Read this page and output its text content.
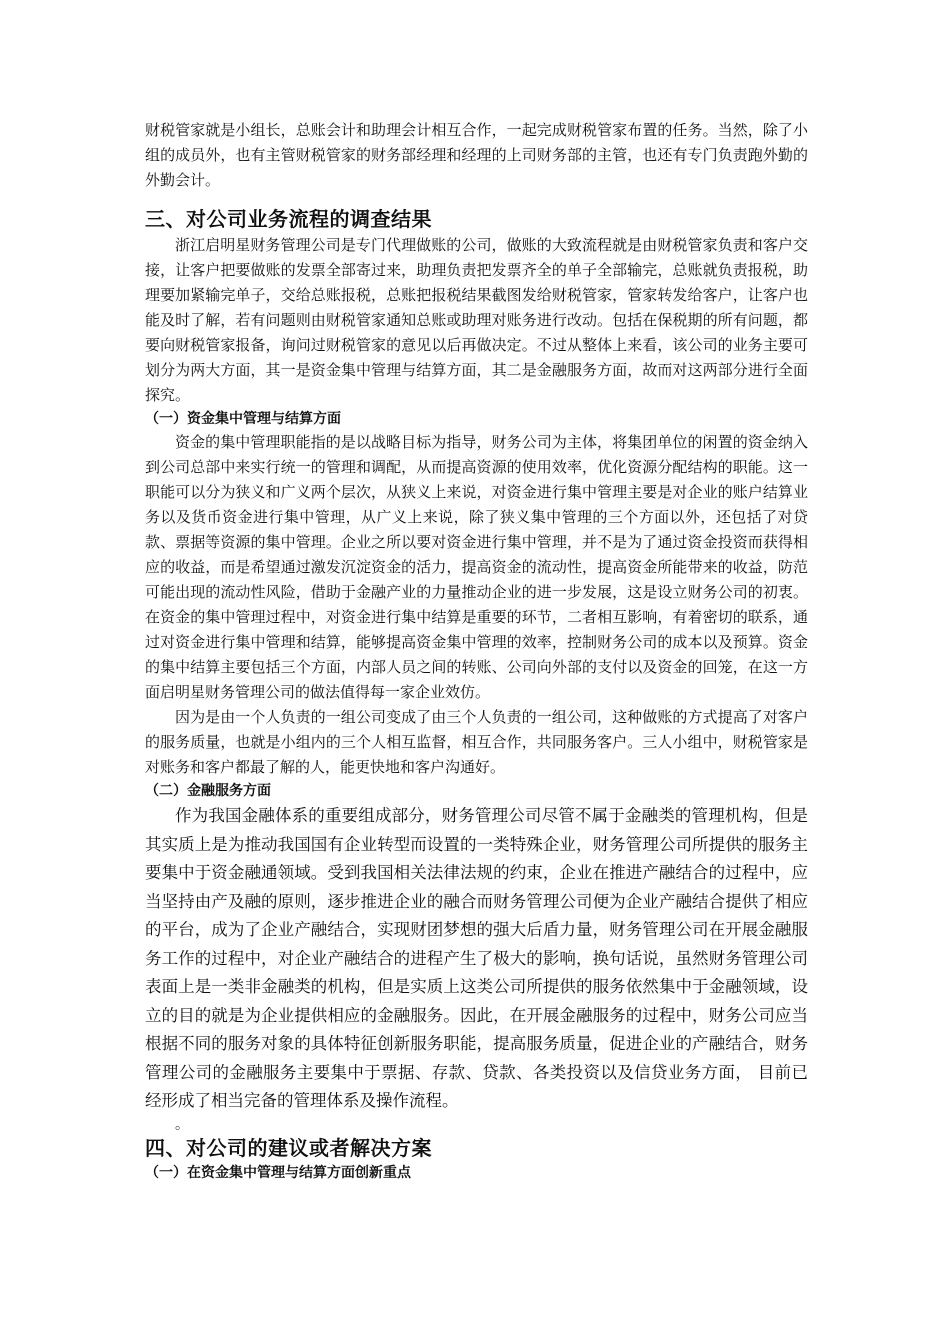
财税管家就是小组长，总账会计和助理会计相互合作，一起完成财税管家布置的任务。当然，除了小组的成员外，也有主管财税管家的财务部经理和经理的上司财务部的主管，也还有专门负责跑外勤的外勤会计。

三、对公司业务流程的调查结果

浙江启明星财务管理公司是专门代理做账的公司，做账的大致流程就是由财税管家负责和客户交接，让客户把要做账的发票全部寄过来，助理负责把发票齐全的单子全部输完，总账就负责报税，助理要加紧输完单子，交给总账报税，总账把报税结果截图发给财税管家，管家转发给客户，让客户也能及时了解，若有问题则由财税管家通知总账或助理对账务进行改动。包括在保税期的所有问题，都要向财税管家报备，询问过财税管家的意见以后再做决定。不过从整体上来看，该公司的业务主要可划分为两大方面，其一是资金集中管理与结算方面，其二是金融服务方面，故而对这两部分进行全面探究。

（一）资金集中管理与结算方面

资金的集中管理职能指的是以战略目标为指导，财务公司为主体，将集团单位的闲置的资金纳入到公司总部中来实行统一的管理和调配，从而提高资源的使用效率，优化资源分配结构的职能。这一职能可以分为狭义和广义两个层次，从狭义上来说，对资金进行集中管理主要是对企业的账户结算业务以及货币资金进行集中管理，从广义上来说，除了狭义集中管理的三个方面以外，还包括了对贷款、票据等资源的集中管理。企业之所以要对资金进行集中管理，并不是为了通过资金投资而获得相应的收益，而是希望通过激发沉淀资金的活力，提高资金的流动性，提高资金所能带来的收益，防范可能出现的流动性风险，借助于金融产业的力量推动企业的进一步发展，这是设立财务公司的初衷。在资金的集中管理过程中，对资金进行集中结算是重要的环节，二者相互影响，有着密切的联系，通过对资金进行集中管理和结算，能够提高资金集中管理的效率，控制财务公司的成本以及预算。资金的集中结算主要包括三个方面，内部人员之间的转账、公司向外部的支付以及资金的回笼，在这一方面启明星财务管理公司的做法值得每一家企业效仿。

因为是由一个人负责的一组公司变成了由三个人负责的一组公司，这种做账的方式提高了对客户的服务质量，也就是小组内的三个人相互监督，相互合作，共同服务客户。三人小组中，财税管家是对账务和客户都最了解的人，能更快地和客户沟通好。

（二）金融服务方面

作为我国金融体系的重要组成部分，财务管理公司尽管不属于金融类的管理机构，但是其实质上是为推动我国国有企业转型而设置的一类特殊企业，财务管理公司所提供的服务主要集中于资金融通领域。受到我国相关法律法规的约束，企业在推进产融结合的过程中，应当坚持由产及融的原则，逐步推进企业的融合而财务管理公司便为企业产融结合提供了相应的平台，成为了企业产融结合，实现财团梦想的强大后盾力量，财务管理公司在开展金融服务工作的过程中，对企业产融结合的进程产生了极大的影响，换句话说，虽然财务管理公司表面上是一类非金融类的机构，但是实质上这类公司所提供的服务依然集中于金融领域，设立的目的就是为企业提供相应的金融服务。因此，在开展金融服务的过程中，财务公司应当根据不同的服务对象的具体特征创新服务职能，提高服务质量，促进企业的产融结合，财务管理公司的金融服务主要集中于票据、存款、贷款、各类投资以及信贷业务方面， 目前已经形成了相当完备的管理体系及操作流程。

。

四、对公司的建议或者解决方案
（一）在资金集中管理与结算方面创新重点
